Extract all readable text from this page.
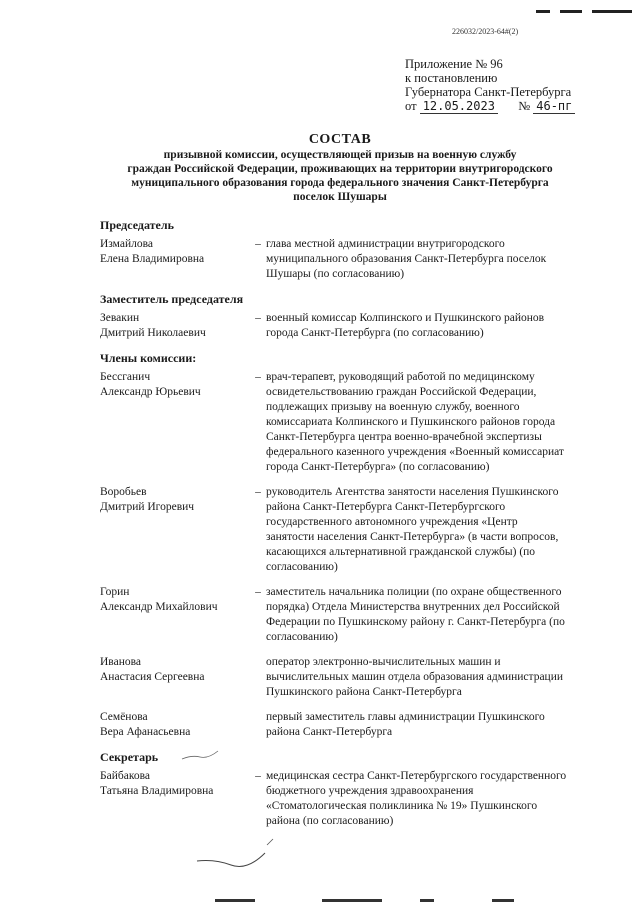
226032/2023-64#(2)
Приложение № 96
к постановлению
Губернатора Санкт-Петербурга
от 12.05.2023 № 46-пг
СОСТАВ
призывной комиссии, осуществляющей призыв на военную службу
граждан Российской Федерации, проживающих на территории внутригородского
муниципального образования города федерального значения Санкт-Петербурга
поселок Шушары
Председатель
Измайлова
Елена Владимировна
– глава местной администрации внутригородского муниципального образования Санкт-Петербурга поселок Шушары (по согласованию)
Заместитель председателя
Зевакин
Дмитрий Николаевич
– военный комиссар Колпинского и Пушкинского районов города Санкт-Петербурга (по согласованию)
Члены комиссии:
Бессганич
Александр Юрьевич
– врач-терапевт, руководящий работой по медицинскому освидетельствованию граждан Российской Федерации, подлежащих призыву на военную службу, военного комиссариата Колпинского и Пушкинского районов города Санкт-Петербурга центра военно-врачебной экспертизы федерального казенного учреждения «Военный комиссариат города Санкт-Петербурга» (по согласованию)
Воробьев
Дмитрий Игоревич
– руководитель Агентства занятости населения Пушкинского района Санкт-Петербурга Санкт-Петербургского государственного автономного учреждения «Центр занятости населения Санкт-Петербурга» (в части вопросов, касающихся альтернативной гражданской службы) (по согласованию)
Горин
Александр Михайлович
– заместитель начальника полиции (по охране общественного порядка) Отдела Министерства внутренних дел Российской Федерации по Пушкинскому району г. Санкт-Петербурга (по согласованию)
Иванова
Анастасия Сергеевна
оператор электронно-вычислительных машин и вычислительных машин отдела образования администрации Пушкинского района Санкт-Петербурга
Семёнова
Вера Афанасьевна
первый заместитель главы администрации Пушкинского района Санкт-Петербурга
Секретарь
Байбакова
Татьяна Владимировна
– медицинская сестра Санкт-Петербургского государственного бюджетного учреждения здравоохранения «Стоматологическая поликлиника № 19» Пушкинского района (по согласованию)
